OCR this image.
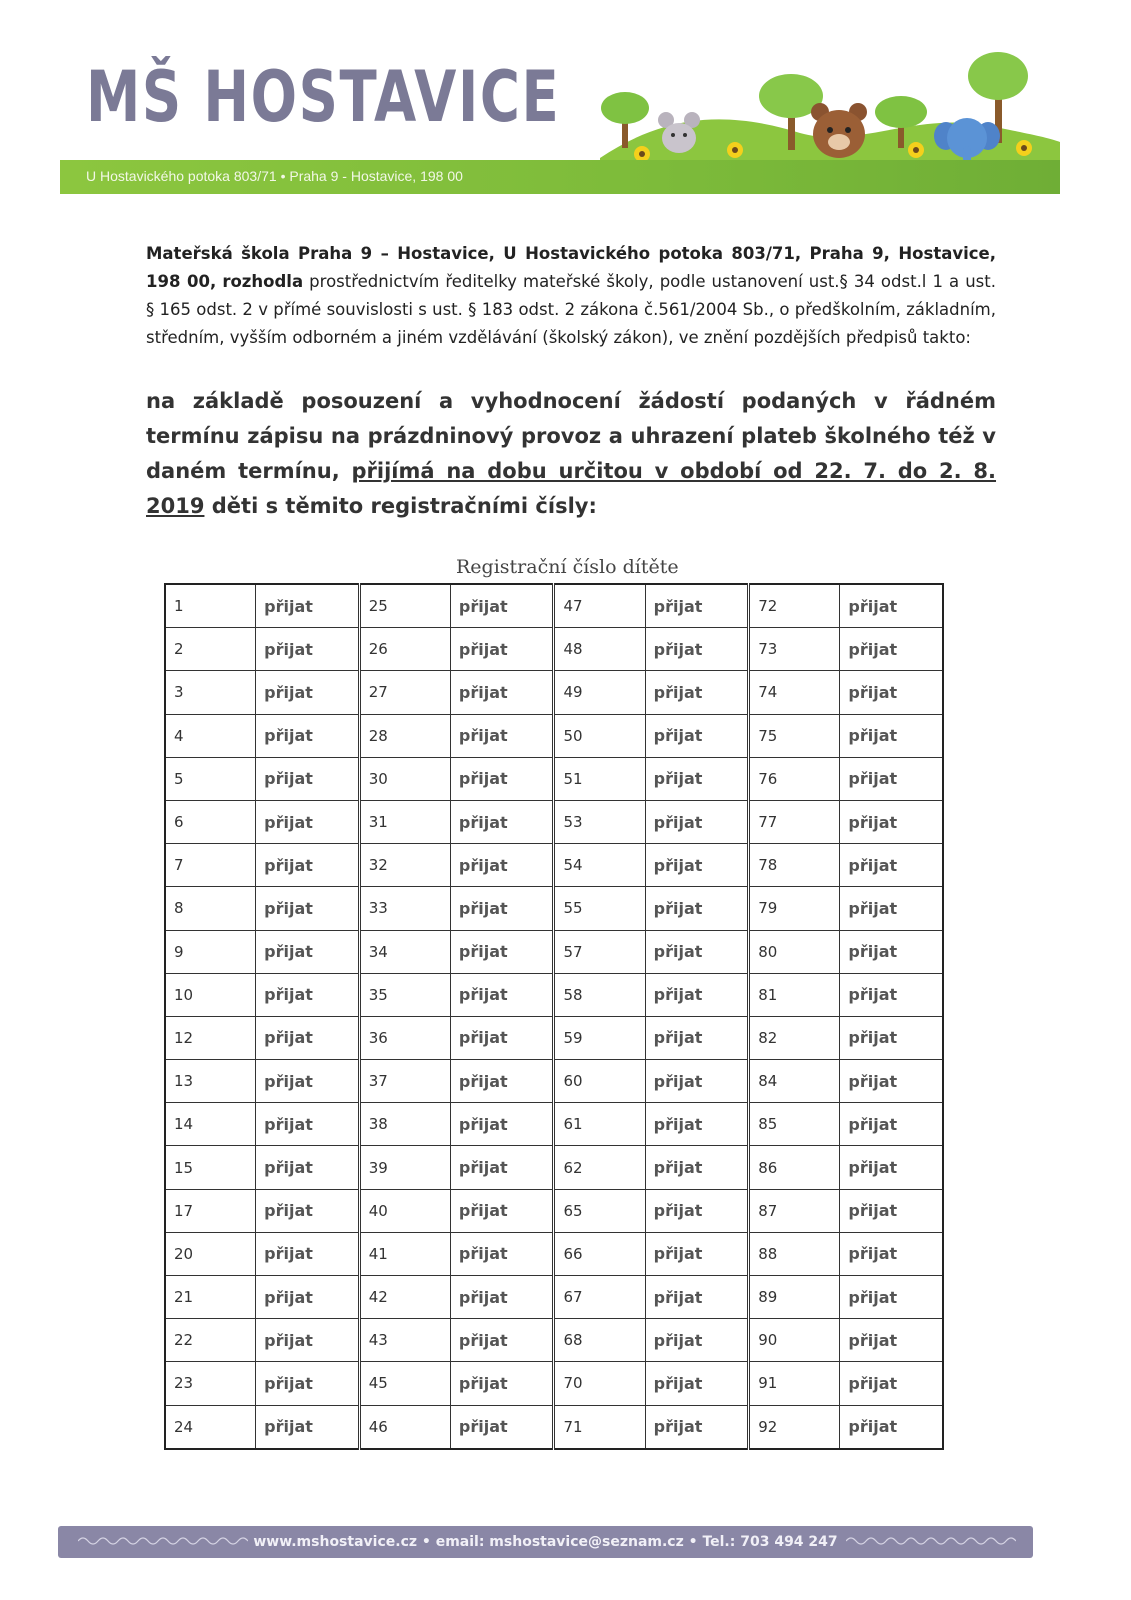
MŠ HOSTAVICE
U Hostavického potoka 803/71 • Praha 9 - Hostavice, 198 00
Mateřská škola Praha 9 – Hostavice, U Hostavického potoka 803/71, Praha 9, Hostavice, 198 00, rozhodla prostřednictvím ředitelky mateřské školy, podle ustanovení ust.§ 34 odst.l 1 a ust. § 165 odst. 2 v přímé souvislosti s ust. § 183 odst. 2 zákona č.561/2004 Sb., o předškolním, základním, středním, vyšším odborném a jiném vzdělávání (školský zákon), ve znění pozdějších předpisů takto:
na základě posouzení a vyhodnocení žádostí podaných v řádném termínu zápisu na prázdninový provoz a uhrazení plateb školného též v daném termínu, přijímá na dobu určitou v období od 22. 7. do 2. 8. 2019 děti s těmito registračními čísly:
Registrační číslo dítěte
1	přijat	25	přijat	47	přijat	72	přijat
2	přijat	26	přijat	48	přijat	73	přijat
3	přijat	27	přijat	49	přijat	74	přijat
4	přijat	28	přijat	50	přijat	75	přijat
5	přijat	30	přijat	51	přijat	76	přijat
6	přijat	31	přijat	53	přijat	77	přijat
7	přijat	32	přijat	54	přijat	78	přijat
8	přijat	33	přijat	55	přijat	79	přijat
9	přijat	34	přijat	57	přijat	80	přijat
10	přijat	35	přijat	58	přijat	81	přijat
12	přijat	36	přijat	59	přijat	82	přijat
13	přijat	37	přijat	60	přijat	84	přijat
14	přijat	38	přijat	61	přijat	85	přijat
15	přijat	39	přijat	62	přijat	86	přijat
17	přijat	40	přijat	65	přijat	87	přijat
20	přijat	41	přijat	66	přijat	88	přijat
21	přijat	42	přijat	67	přijat	89	přijat
22	přijat	43	přijat	68	přijat	90	přijat
23	přijat	45	přijat	70	přijat	91	přijat
24	přijat	46	přijat	71	přijat	92	přijat
www.mshostavice.cz • email: mshostavice@seznam.cz • Tel.: 703 494 247
